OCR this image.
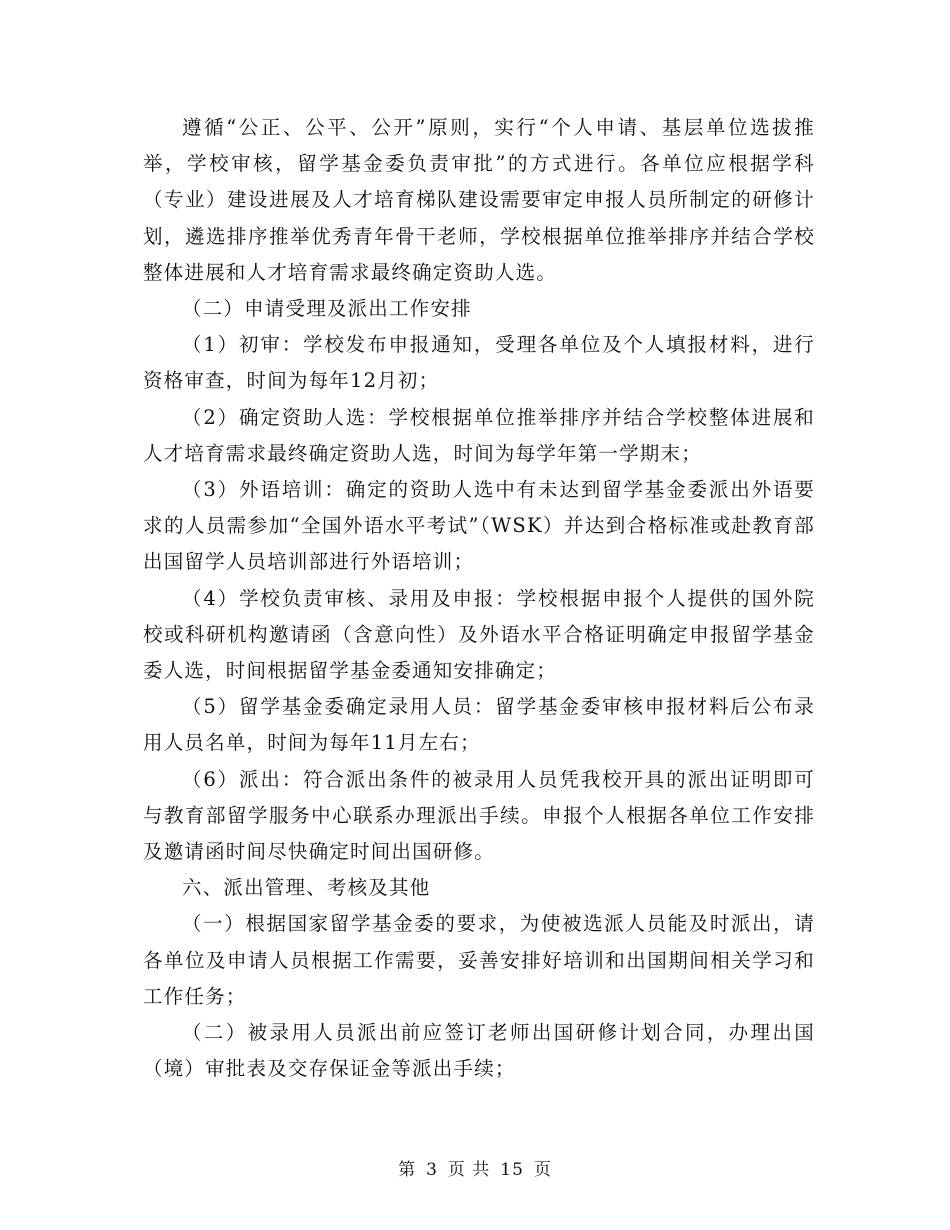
遵循“公正、公平、公开”原则，实行“个人申请、基层单位选拔推举，学校审核，留学基金委负责审批”的方式进行。各单位应根据学科（专业）建设进展及人才培育梯队建设需要审定申报人员所制定的研修计划，遴选排序推举优秀青年骨干老师，学校根据单位推举排序并结合学校整体进展和人才培育需求最终确定资助人选。

（二）申请受理及派出工作安排

（1）初审：学校发布申报通知，受理各单位及个人填报材料，进行资格审查，时间为每年12月初；

（2）确定资助人选：学校根据单位推举排序并结合学校整体进展和人才培育需求最终确定资助人选，时间为每学年第一学期末；

（3）外语培训：确定的资助人选中有未达到留学基金委派出外语要求的人员需参加“全国外语水平考试”（WSK）并达到合格标准或赴教育部出国留学人员培训部进行外语培训；

（4）学校负责审核、录用及申报：学校根据申报个人提供的国外院校或科研机构邀请函（含意向性）及外语水平合格证明确定申报留学基金委人选，时间根据留学基金委通知安排确定；

（5）留学基金委确定录用人员：留学基金委审核申报材料后公布录用人员名单，时间为每年11月左右；

（6）派出：符合派出条件的被录用人员凭我校开具的派出证明即可与教育部留学服务中心联系办理派出手续。申报个人根据各单位工作安排及邀请函时间尽快确定时间出国研修。

六、派出管理、考核及其他

（一）根据国家留学基金委的要求，为使被选派人员能及时派出，请各单位及申请人员根据工作需要，妥善安排好培训和出国期间相关学习和工作任务；

（二）被录用人员派出前应签订老师出国研修计划合同，办理出国（境）审批表及交存保证金等派出手续；

第 3 页 共 15 页
